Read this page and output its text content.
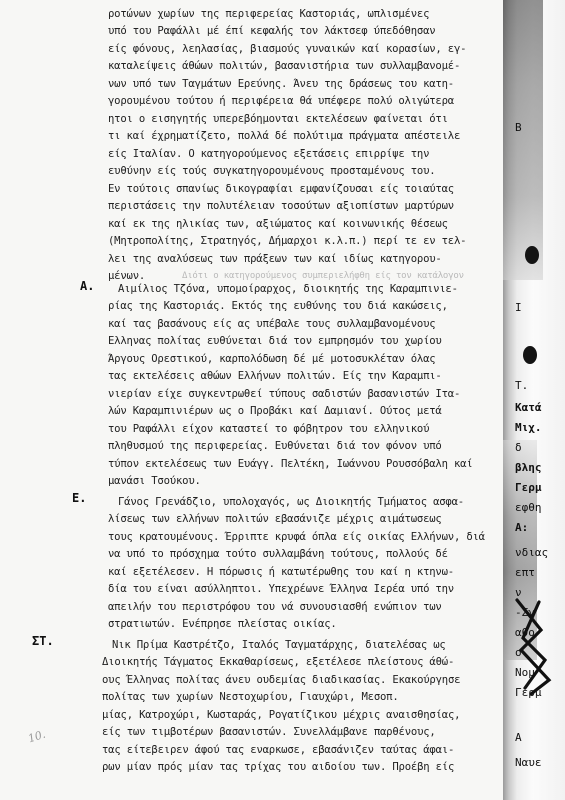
ροτώνων χωρίων της περιφερείας Καστοριάς, ωπλισμένες
υπό του Ραφάλλι μέ έπί κεφαλής τον λάκτσεφ ύπεδόθησαν
είς φόνους, λεηλασίας, βιασμούς γυναικών καί κορασίων, εγ-
καταλείψεις άθώων πολιτών, βασανιστήρια των συλλαμβανομέ-
νων υπό των Ταγμάτων Ερεύνης. Άνευ της δράσεως του κατη-
γορουμένου τούτου ή περιφέρεια θά υπέφερε πολύ ολιγώτερα
ητοι ο εισηγητής υπερεβόημονται εκτελέσεων φαίνεται ότι
τι καί έχρηματίζετο, πολλά δέ πολύτιμα πράγματα απέστειλε
είς Ιταλίαν. Ο κατηγορούμενος εξετάσεις επιρρίψε την
ευθύνην είς τούς συγκατηγορουμένους προσταμένους του.
Εν τούτοις σπανίως δικογραφίαι εμφανίζουσαι είς τοιαύτας
περιστάσεις την πολυτέλειαν τοσούτων αξιοπίστων μαρτύρων
καί εκ της ηλικίας των, αξιώματος καί κοινωνικής θέσεως
(Μητροπολίτης, Στρατηγός, Δήμαρχοι κ.λ.π.) περί τε εν τελ-
λει της αναλύσεως των πράξεων των καί ιδίως κατηγορου-
μένων.	Διότι ο κατηγορούμενος συμπεριελήφθη είς τον κατάλογον
Α. Αιμίλιος Τζόνα, υπομοίραρχος, διοικητής της Καραμπινιε-
ρίας της Καστοριάς. Εκτός της ευθύνης του διά κακώσεις,
καί τας βασάνους είς ας υπέβαλε τους συλλαμβανομένους
Ελληνας πολίτας ευθύνεται διά τον εμπρησμόν του χωρίου
Άργους Ορεστικού, καρπολόδωση δέ μέ μοτοσυκλέταν όλας
τας εκτελέσεις αθώων Ελλήνων πολιτών. Είς την Καραμπι-
νιερίαν είχε συγκεντρωθεί τύπους σαδιστών βασανιστών Ιτα-
λών Καραμπινιέρων ως ο Προβάκι καί Δαμιανί. Ούτος μετά
του Ραφάλλι είχον καταστεί το φόβητρον του ελληνικού
πληθυσμού της περιφερείας. Ευθύνεται διά τον φόνον υπό
τύπον εκτελέσεως των Ευάγγ. Πελτέκη, Ιωάννου Ρουσσόβαλη καί
μανάσι Τσούκου.
Ε.	Γάνος Γρενάδζιο, υπολοχαγός, ως Διοικητής Τμήματος ασφα-
λίσεως των ελλήνων πολιτών εβασάνιζε μέχρις αιμάτωσεως
τους κρατουμένους. Έρριπτε κρυφά όπλα είς οικίας Ελλήνων, διά
να υπό το πρόσχημα τούτο συλλαμβάνη τούτους, πολλούς δέ
καί εξετέλεσεν. Η πόρωσις ή κατωτέρωθης του καί η κτηνω-
δία του είναι ασύλληπτοι. Υπεχρέωνε Έλληνα Ιερέα υπό την
απειλήν του περιστρόφου του νά συνουσιασθή ενώπιον των
στρατιωτών. Ενέπρησε πλείστας οικίας.
ΣΤ.	Νικ Πρίμα Καστρέτζο, Ιταλός Ταγματάρχης, διατελέσας ως
Διοικητής Τάγματος Εκκαθαρίσεως, εξετέλεσε πλείστους άθώ-
ους Έλληνας πολίτας άνευ ουδεμίας διαδικασίας. Εκακούργησε
πολίτας των χωρίων Νεστοχωρίου, Γιαυχώρι, Μεσοπ.
μίας, Κατροχώρι, Κωσταράς, Ρογατίζικου μέχρις αναισθησίας,
είς των τιμβοτέρων βασανιστών. Συνελλάμβανε παρθένους,
τας είτεβειρεν άφού τας εναρκωσε, εβασάνιζεν ταύτας άφαι-
ρων μίαν πρός μίαν τας τρίχας του αιδοίου των. Προέβη είς
10.
Β
Ι
Τ.
Κατά
Μιχ.
δ
βλης
Γερμ
εφθη
Α:
νδιας
επτ
ν
-Σγ
αθο
ο
Νομ
Γερμ
Α
Ναυε
